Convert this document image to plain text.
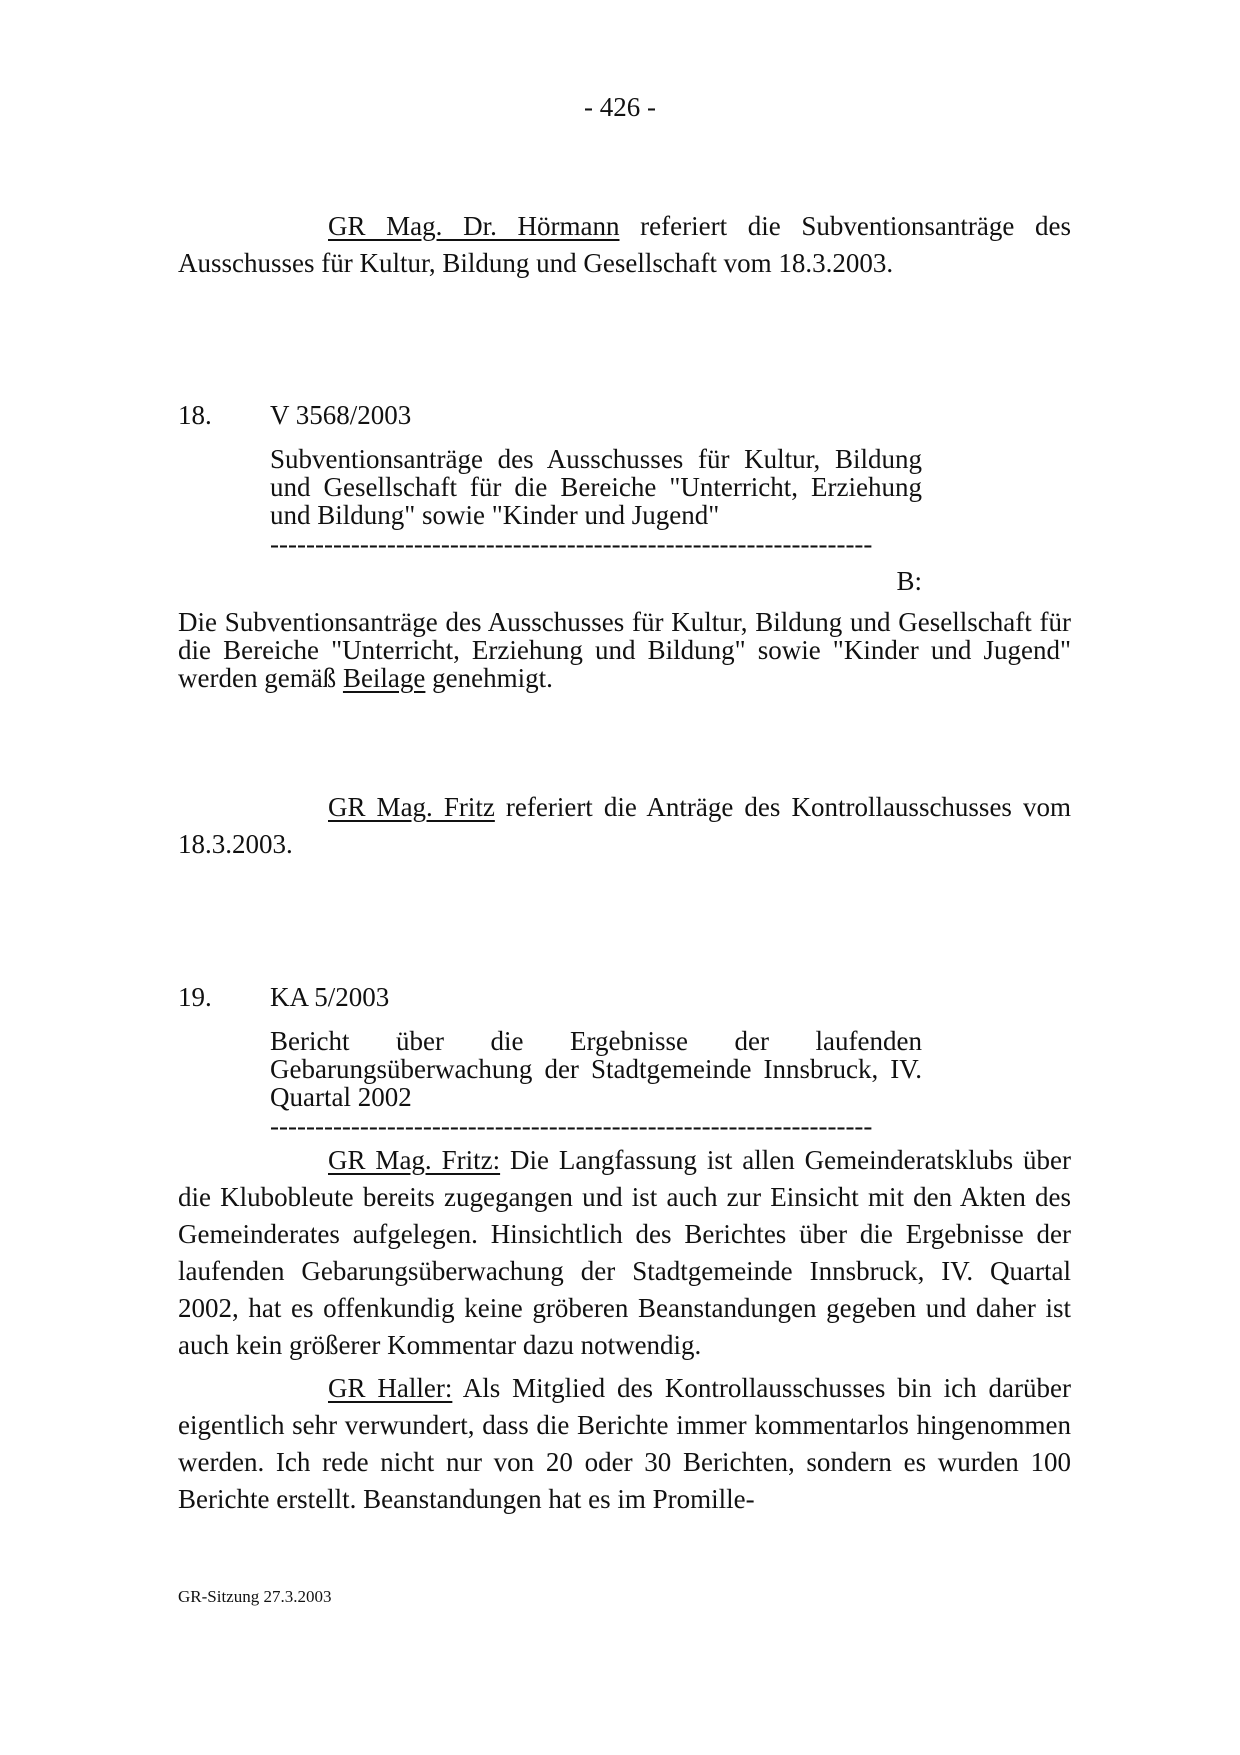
- 426 -
GR Mag. Dr. Hörmann referiert die Subventionsanträge des Ausschusses für Kultur, Bildung und Gesellschaft vom 18.3.2003.
18. V 3568/2003
Subventionsanträge des Ausschusses für Kultur, Bildung und Gesellschaft für die Bereiche "Unterricht, Erziehung und Bildung" sowie "Kinder und Jugend"
-------------------------------------------------------------------
B:
Die Subventionsanträge des Ausschusses für Kultur, Bildung und Gesellschaft für die Bereiche "Unterricht, Erziehung und Bildung" sowie "Kinder und Jugend" werden gemäß Beilage genehmigt.
GR Mag. Fritz referiert die Anträge des Kontrollausschusses vom 18.3.2003.
19. KA 5/2003
Bericht über die Ergebnisse der laufenden Gebarungsüberwachung der Stadtgemeinde Innsbruck, IV. Quartal 2002
-------------------------------------------------------------------
GR Mag. Fritz: Die Langfassung ist allen Gemeinderatsklubs über die Klubobleute bereits zugegangen und ist auch zur Einsicht mit den Akten des Gemeinderates aufgelegen. Hinsichtlich des Berichtes über die Ergebnisse der laufenden Gebarungsüberwachung der Stadtgemeinde Innsbruck, IV. Quartal 2002, hat es offenkundig keine gröberen Beanstandungen gegeben und daher ist auch kein größerer Kommentar dazu notwendig.
GR Haller: Als Mitglied des Kontrollausschusses bin ich darüber eigentlich sehr verwundert, dass die Berichte immer kommentarlos hingenommen werden. Ich rede nicht nur von 20 oder 30 Berichten, sondern es wurden 100 Berichte erstellt. Beanstandungen hat es im Promille-
GR-Sitzung 27.3.2003
